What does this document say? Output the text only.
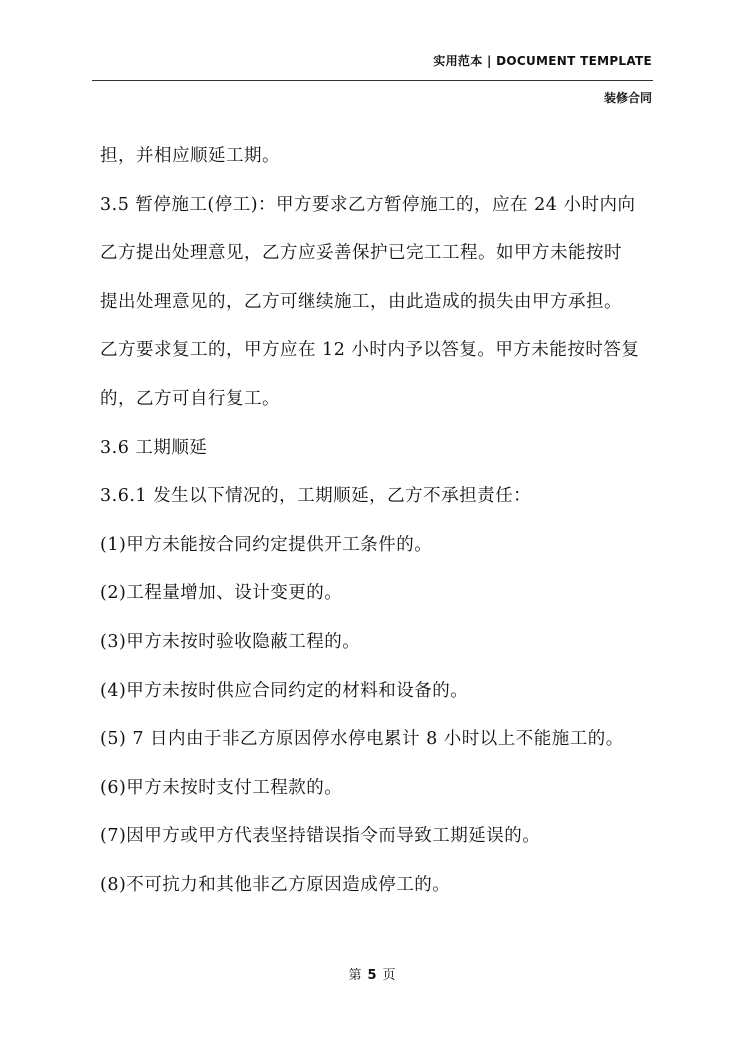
实用范本 | DOCUMENT TEMPLATE
装修合同
担，并相应顺延工期。
3.5 暂停施工(停工)：甲方要求乙方暂停施工的，应在 24 小时内向
乙方提出处理意见，乙方应妥善保护已完工工程。如甲方未能按时
提出处理意见的，乙方可继续施工，由此造成的损失由甲方承担。
乙方要求复工的，甲方应在 12 小时内予以答复。甲方未能按时答复
的，乙方可自行复工。
3.6 工期顺延
3.6.1 发生以下情况的，工期顺延，乙方不承担责任：
(1)甲方未能按合同约定提供开工条件的。
(2)工程量增加、设计变更的。
(3)甲方未按时验收隐蔽工程的。
(4)甲方未按时供应合同约定的材料和设备的。
(5) 7 日内由于非乙方原因停水停电累计 8 小时以上不能施工的。
(6)甲方未按时支付工程款的。
(7)因甲方或甲方代表坚持错误指令而导致工期延误的。
(8)不可抗力和其他非乙方原因造成停工的。
第 5 页
